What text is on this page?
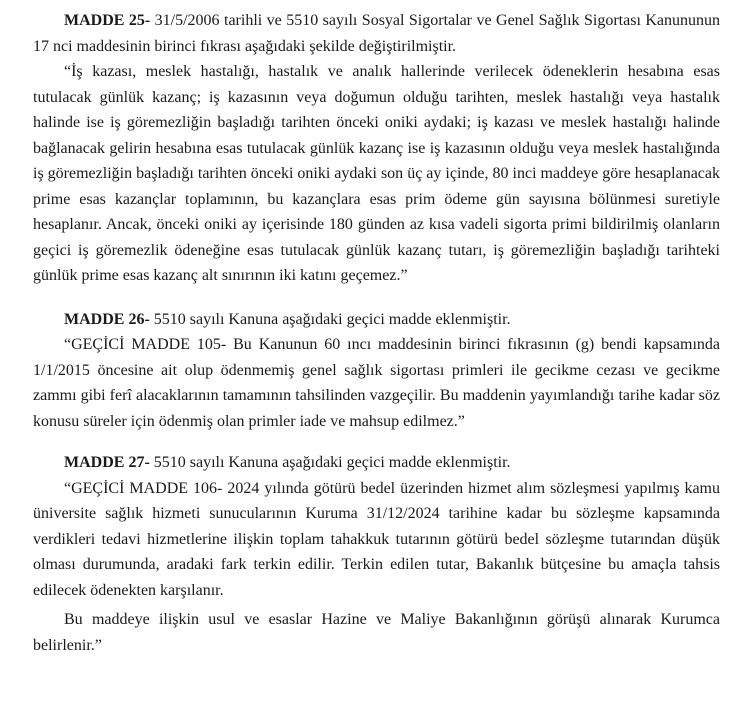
MADDE 25- 31/5/2006 tarihli ve 5510 sayılı Sosyal Sigortalar ve Genel Sağlık Sigortası Kanununun 17 nci maddesinin birinci fıkrası aşağıdaki şekilde değiştirilmiştir.

“İş kazası, meslek hastalığı, hastalık ve analık hallerinde verilecek ödeneklerin hesabına esas tutulacak günlük kazanç; iş kazasının veya doğumun olduğu tarihten, meslek hastalığı veya hastalık halinde ise iş göremezliğin başladığı tarihten önceki oniki aydaki; iş kazası ve meslek hastalığı halinde bağlanacak gelirin hesabına esas tutulacak günlük kazanç ise iş kazasının olduğu veya meslek hastalığında iş göremezliğin başladığı tarihten önceki oniki aydaki son üç ay içinde, 80 inci maddeye göre hesaplanacak prime esas kazançlar toplamının, bu kazançlara esas prim ödeme gün sayısına bölünmesi suretiyle hesaplanır. Ancak, önceki oniki ay içerisinde 180 günden az kısa vadeli sigorta primi bildirilmiş olanların geçici iş göremezlik ödeneğine esas tutulacak günlük kazanç tutarı, iş göremezliğin başladığı tarihteki günlük prime esas kazanç alt sınırının iki katını geçemez.”

MADDE 26- 5510 sayılı Kanuna aşağıdaki geçici madde eklenmiştir.

“GEÇİCİ MADDE 105- Bu Kanunun 60 ıncı maddesinin birinci fıkrasının (g) bendi kapsamında 1/1/2015 öncesine ait olup ödenmemiş genel sağlık sigortası primleri ile gecikme cezası ve gecikme zammı gibi ferî alacaklarının tamamının tahsilinden vazgeçilir. Bu maddenin yayımlandığı tarihe kadar söz konusu süreler için ödenmiş olan primler iade ve mahsup edilmez.”

MADDE 27- 5510 sayılı Kanuna aşağıdaki geçici madde eklenmiştir.

“GEÇİCİ MADDE 106- 2024 yılında götürü bedel üzerinden hizmet alım sözleşmesi yapılmış kamu üniversite sağlık hizmeti sunucularının Kuruma 31/12/2024 tarihine kadar bu sözleşme kapsamında verdikleri tedavi hizmetlerine ilişkin toplam tahakkuk tutarının götürü bedel sözleşme tutarından düşük olması durumunda, aradaki fark terkin edilir. Terkin edilen tutar, Bakanlık bütçesine bu amaçla tahsis edilecek ödenekten karşılanır.

Bu maddeye ilişkin usul ve esaslar Hazine ve Maliye Bakanlığının görüşü alınarak Kurumca belirlenir.”
